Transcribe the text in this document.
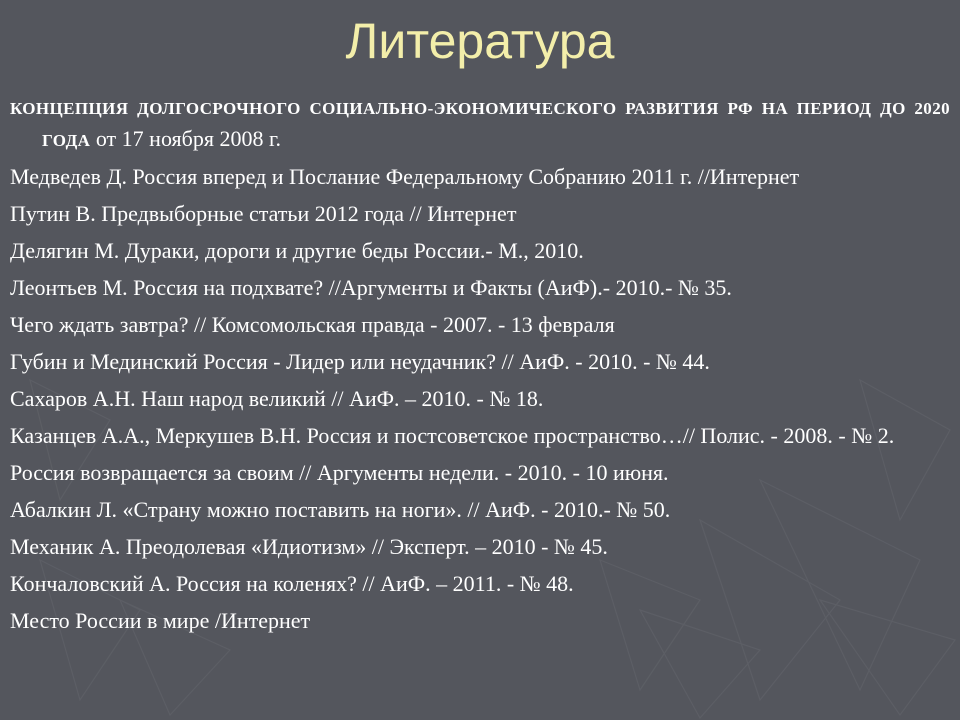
Литература
КОНЦЕПЦИЯ ДОЛГОСРОЧНОГО СОЦИАЛЬНО-ЭКОНОМИЧЕСКОГО РАЗВИТИЯ РФ НА ПЕРИОД ДО 2020 ГОДА от 17 ноября 2008 г.
Медведев Д. Россия вперед и Послание Федеральному Собранию 2011 г. //Интернет
Путин В. Предвыборные статьи 2012 года // Интернет
Делягин М. Дураки, дороги и другие беды России.- М., 2010.
Леонтьев М. Россия на подхвате? //Аргументы и Факты (АиФ).- 2010.- № 35.
Чего ждать завтра? // Комсомольская правда - 2007. - 13 февраля
Губин и Мединский Россия - Лидер или неудачник? // АиФ. - 2010. - № 44.
Сахаров А.Н. Наш народ великий // АиФ. – 2010. - № 18.
Казанцев А.А., Меркушев В.Н. Россия и постсоветское пространство…// Полис. - 2008. - № 2.
Россия возвращается за своим // Аргументы недели. - 2010. - 10 июня.
Абалкин Л. «Страну можно поставить на ноги». // АиФ. - 2010.- № 50.
Механик А. Преодолевая «Идиотизм» // Эксперт. – 2010 - № 45.
Кончаловский А. Россия на коленях? // АиФ. – 2011. - № 48.
Место России в мире /Интернет
